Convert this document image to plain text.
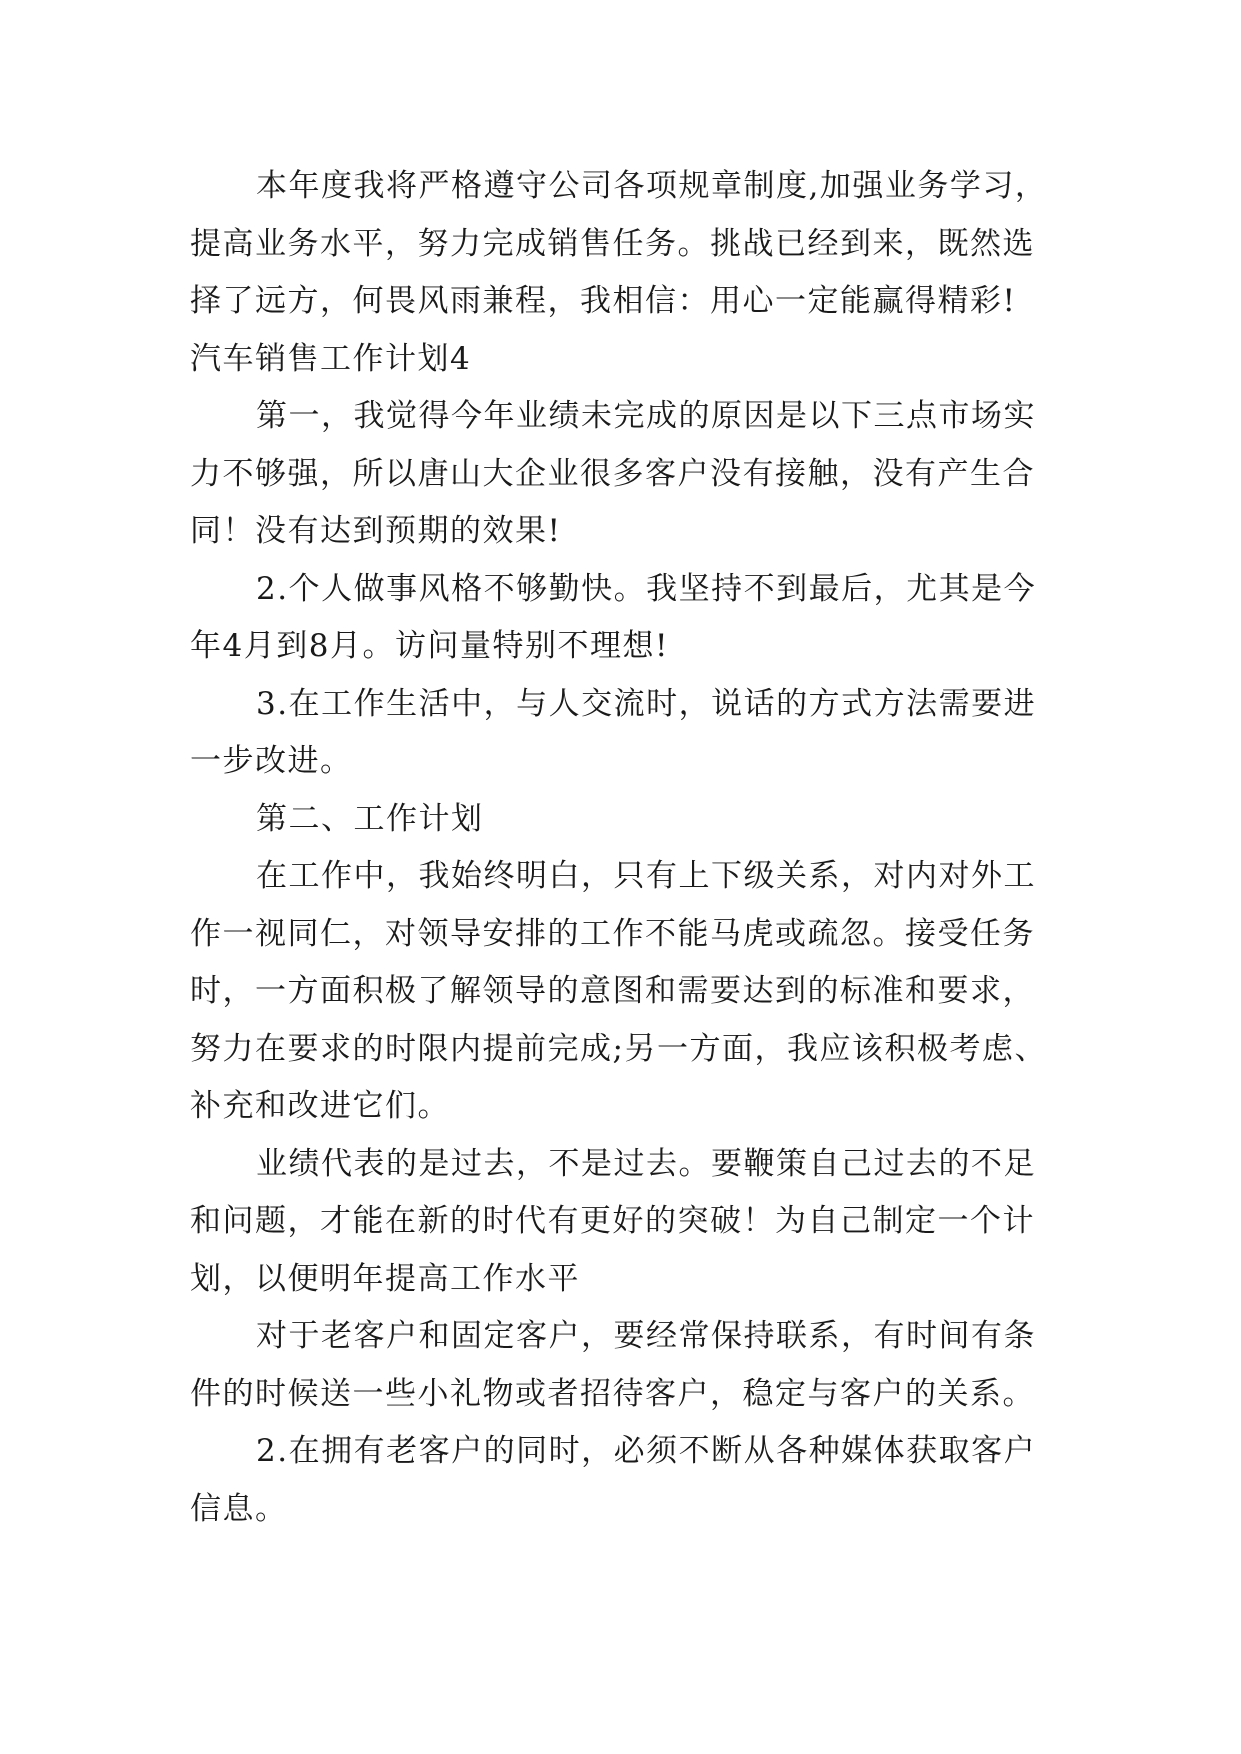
本年度我将严格遵守公司各项规章制度,加强业务学习，
提高业务水平，努力完成销售任务。挑战已经到来，既然选
择了远方，何畏风雨兼程，我相信：用心一定能赢得精彩!
汽车销售工作计划4
第一，我觉得今年业绩未完成的原因是以下三点市场实
力不够强，所以唐山大企业很多客户没有接触，没有产生合
同！没有达到预期的效果!
2.个人做事风格不够勤快。我坚持不到最后，尤其是今
年4月到8月。访问量特别不理想!
3.在工作生活中，与人交流时，说话的方式方法需要进
一步改进。
第二、工作计划
在工作中，我始终明白，只有上下级关系，对内对外工
作一视同仁，对领导安排的工作不能马虎或疏忽。接受任务
时，一方面积极了解领导的意图和需要达到的标准和要求，
努力在要求的时限内提前完成;另一方面，我应该积极考虑、
补充和改进它们。
业绩代表的是过去，不是过去。要鞭策自己过去的不足
和问题，才能在新的时代有更好的突破！为自己制定一个计
划，以便明年提高工作水平
对于老客户和固定客户，要经常保持联系，有时间有条
件的时候送一些小礼物或者招待客户，稳定与客户的关系。
2.在拥有老客户的同时，必须不断从各种媒体获取客户
信息。
